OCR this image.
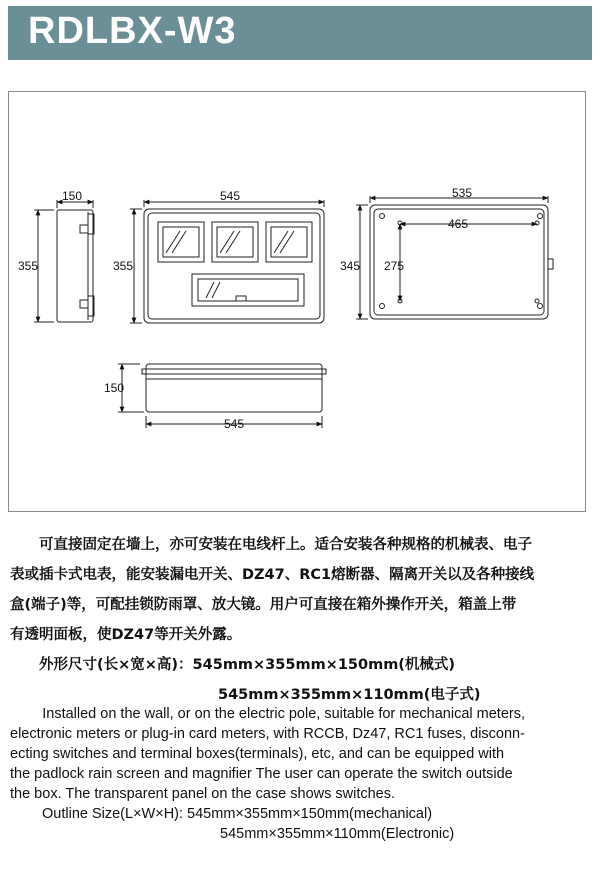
RDLBX-W3
150
355
545
355
535
465
345 275
150
545

　　可直接固定在墙上，亦可安装在电线杆上。适合安装各种规格的机械表、电子

表或插卡式电表，能安装漏电开关、DZ47、RC1熔断器、隔离开关以及各种接线

盒(端子)等，可配挂锁防雨罩、放大镜。用户可直接在箱外操作开关，箱盖上带

有透明面板，使DZ47等开关外露。

　　外形尺寸(长×宽×高)：545mm×355mm×150mm(机械式)

545mm×355mm×110mm(电子式)

Installed on the wall, or on the electric pole, suitable for mechanical meters,

electronic meters or plug-in card meters, with RCCB, Dz47, RC1 fuses, disconn-

ecting switches and terminal boxes(terminals), etc, and can be equipped with

the padlock rain screen and magnifier The user can operate the switch outside

the box. The transparent panel on the case shows switches.

Outline Size(L×W×H): 545mm×355mm×150mm(mechanical)

545mm×355mm×110mm(Electronic)
